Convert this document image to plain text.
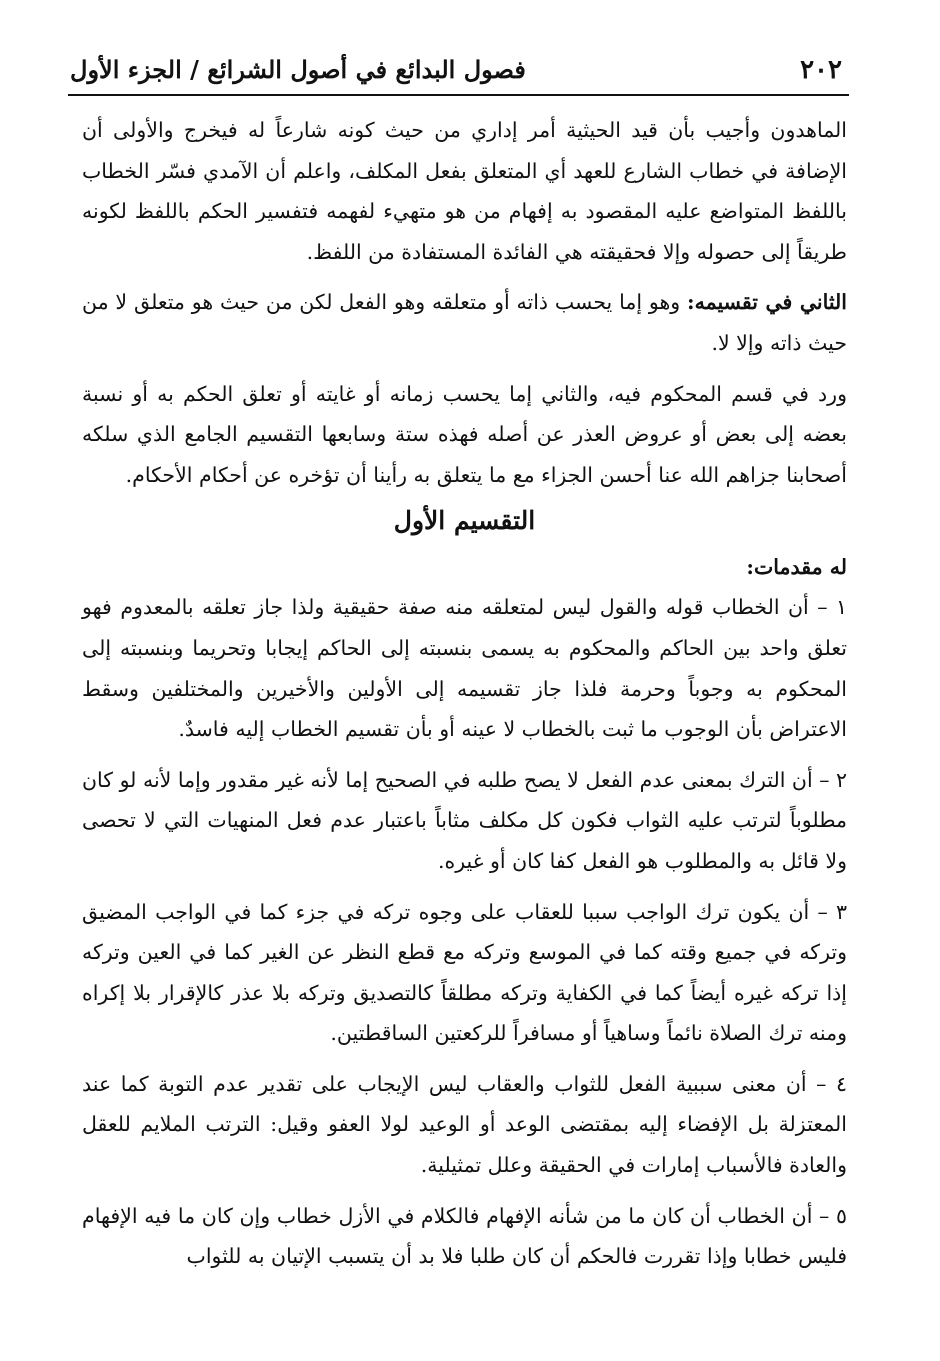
٢٠٢
فصول البدائع في أصول الشرائع / الجزء الأول

الماهدون وأجيب بأن قيد الحيثية أمر إداري من حيث كونه شارعاً له فيخرج والأولى أن الإضافة في خطاب الشارع للعهد أي المتعلق بفعل المكلف، واعلم أن الآمدي فسّر الخطاب باللفظ المتواضع عليه المقصود به إفهام من هو متهيء لفهمه فتفسير الحكم باللفظ لكونه طريقاً إلى حصوله وإلا فحقيقته هي الفائدة المستفادة من اللفظ.

الثاني في تقسيمه: وهو إما يحسب ذاته أو متعلقه وهو الفعل لكن من حيث هو متعلق لا من حيث ذاته وإلا لا.

ورد في قسم المحكوم فيه، والثاني إما يحسب زمانه أو غايته أو تعلق الحكم به أو نسبة بعضه إلى بعض أو عروض العذر عن أصله فهذه ستة وسابعها التقسيم الجامع الذي سلكه أصحابنا جزاهم الله عنا أحسن الجزاء مع ما يتعلق به رأينا أن تؤخره عن أحكام الأحكام.

التقسيم الأول

له مقدمات:

١ – أن الخطاب قوله والقول ليس لمتعلقه منه صفة حقيقية ولذا جاز تعلقه بالمعدوم فهو تعلق واحد بين الحاكم والمحكوم به يسمى بنسبته إلى الحاكم إيجابا وتحريما وبنسبته إلى المحكوم به وجوباً وحرمة فلذا جاز تقسيمه إلى الأولين والأخيرين والمختلفين وسقط الاعتراض بأن الوجوب ما ثبت بالخطاب لا عينه أو بأن تقسيم الخطاب إليه فاسدٌ.

٢ – أن الترك بمعنى عدم الفعل لا يصح طلبه في الصحيح إما لأنه غير مقدور وإما لأنه لو كان مطلوباً لترتب عليه الثواب فكون كل مكلف مثاباً باعتبار عدم فعل المنهيات التي لا تحصى ولا قائل به والمطلوب هو الفعل كفا كان أو غيره.

٣ – أن يكون ترك الواجب سببا للعقاب على وجوه تركه في جزء كما في الواجب المضيق وتركه في جميع وقته كما في الموسع وتركه مع قطع النظر عن الغير كما في العين وتركه إذا تركه غيره أيضاً كما في الكفاية وتركه مطلقاً كالتصديق وتركه بلا عذر كالإقرار بلا إكراه ومنه ترك الصلاة نائماً وساهياً أو مسافراً للركعتين الساقطتين.

٤ – أن معنى سببية الفعل للثواب والعقاب ليس الإيجاب على تقدير عدم التوبة كما عند المعتزلة بل الإفضاء إليه بمقتضى الوعد أو الوعيد لولا العفو وقيل: الترتب الملايم للعقل والعادة فالأسباب إمارات في الحقيقة وعلل تمثيلية.

٥ – أن الخطاب أن كان ما من شأنه الإفهام فالكلام في الأزل خطاب وإن كان ما فيه الإفهام فليس خطابا وإذا تقررت فالحكم أن كان طلبا فلا بد أن يتسبب الإتيان به للثواب
